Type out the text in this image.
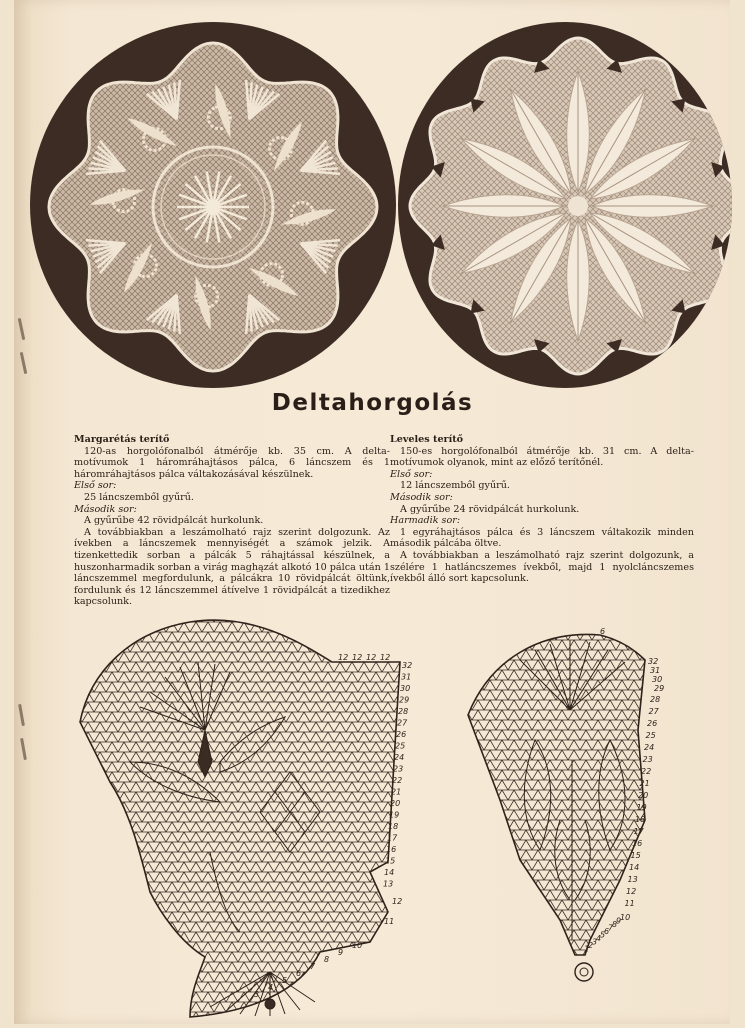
Deltahorgolás
Margarétás terítő

120-as horgolófonalból átmérője kb. 35 cm. A delta-motívumok 1 háromráhajtásos pálca, 6 láncszem és 1 háromráhajtásos pálca váltakozásával készülnek.

Első sor:

25 láncszemből gyűrű.

Második sor:

A gyűrűbe 42 rövidpálcát hurkolunk.

A továbbiakban a leszámolható rajz szerint dolgozunk. Az ívekben a láncszemek mennyiségét a számok jelzik. A tizenkettedik sorban a pálcák 5 ráhajtással készülnek, a huszonharmadik sorban a virág maghązát alkotó 10 pálca után 1 láncszemmel megfordulunk, a pálcákra 10 rövidpálcát öltünk, fordulunk és 12 láncszemmel átívelve 1 rövidpálcát a tizedikhez kapcsolunk.

Leveles terítő

150-es horgolófonalból átmérője kb. 31 cm. A delta-motívumok olyanok, mint az előző terítőnél.

Első sor:

12 láncszemből gyűrű.

Második sor:

A gyűrűbe 24 rövidpálcát hurkolunk.

Harmadik sor:

1 egyráhajtásos pálca és 3 láncszem váltakozik minden második pálcába öltve.

A továbbiakban a leszámolható rajz szerint dolgozunk, a szélére 1 hatláncszemes ívekből, majd 1 nyolcláncszemes ívekből álló sort kapcsolunk.

12 12 12 12
32
31
30
29
28
27
26
25
24
23
22
21
20
19
18
17
16
15
14
13
12
11
10
9
8
7
6
5
4
3
6
32
31
30
29
28
27
26
25
24
23
22
21
20
19
18
17
16
15
14
13
12
11
10
9
8
7
6
5
4
3
2
1
